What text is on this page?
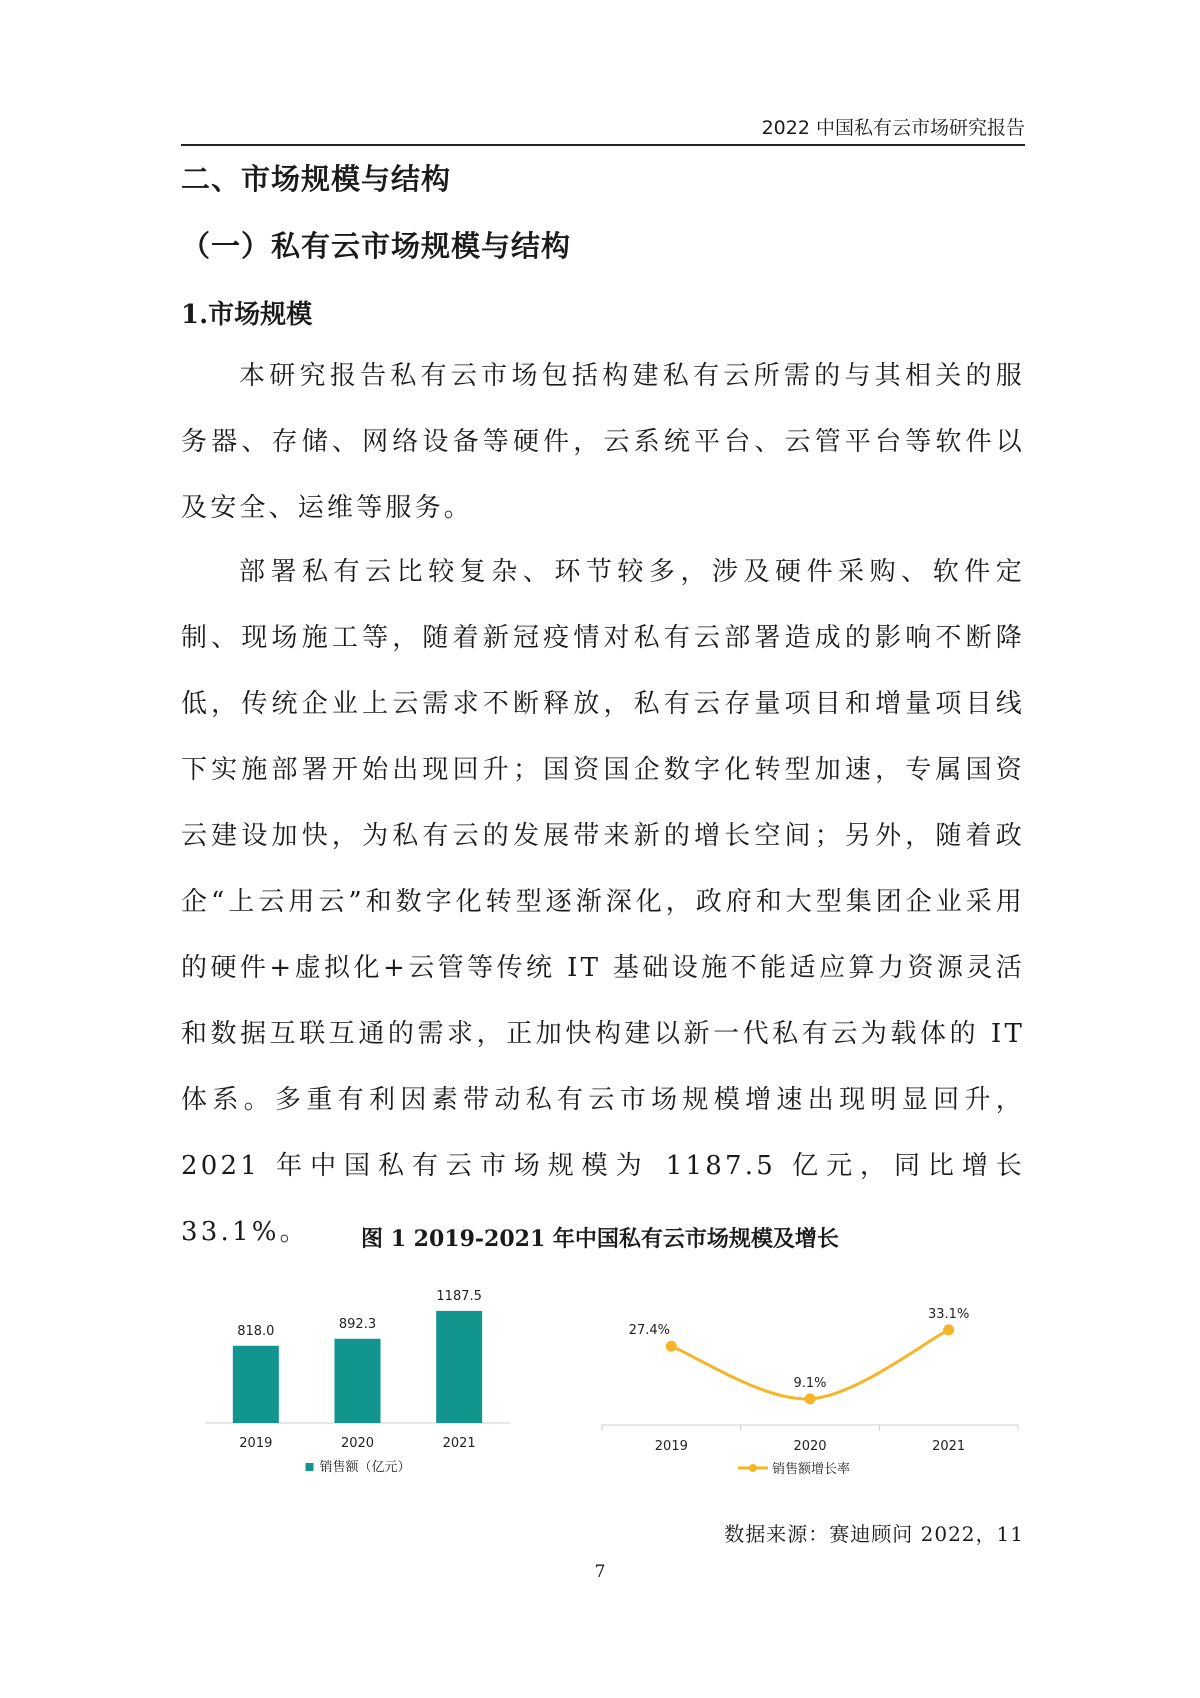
2022 中国私有云市场研究报告
二、市场规模与结构
（一）私有云市场规模与结构
1.市场规模

本研究报告私有云市场包括构建私有云所需的与其相关的服务器、存储、网络设备等硬件，云系统平台、云管平台等软件以及安全、运维等服务。

部署私有云比较复杂、环节较多，涉及硬件采购、软件定制、现场施工等，随着新冠疫情对私有云部署造成的影响不断降低，传统企业上云需求不断释放，私有云存量项目和增量项目线下实施部署开始出现回升；国资国企数字化转型加速，专属国资云建设加快，为私有云的发展带来新的增长空间；另外，随着政企“上云用云”和数字化转型逐渐深化，政府和大型集团企业采用的硬件+虚拟化+云管等传统 IT 基础设施不能适应算力资源灵活和数据互联互通的需求，正加快构建以新一代私有云为载体的 IT 体系。多重有利因素带动私有云市场规模增速出现明显回升，2021 年中国私有云市场规模为 1187.5 亿元，同比增长 33.1%。	图 1 2019-2021 年中国私有云市场规模及增长

818.0
2019
892.3
2020
1187.5
2021
销售额（亿元）
27.4%
2019
9.1%
2020
33.1%
2021
销售额增长率

数据来源：赛迪顾问 2022，11

7
